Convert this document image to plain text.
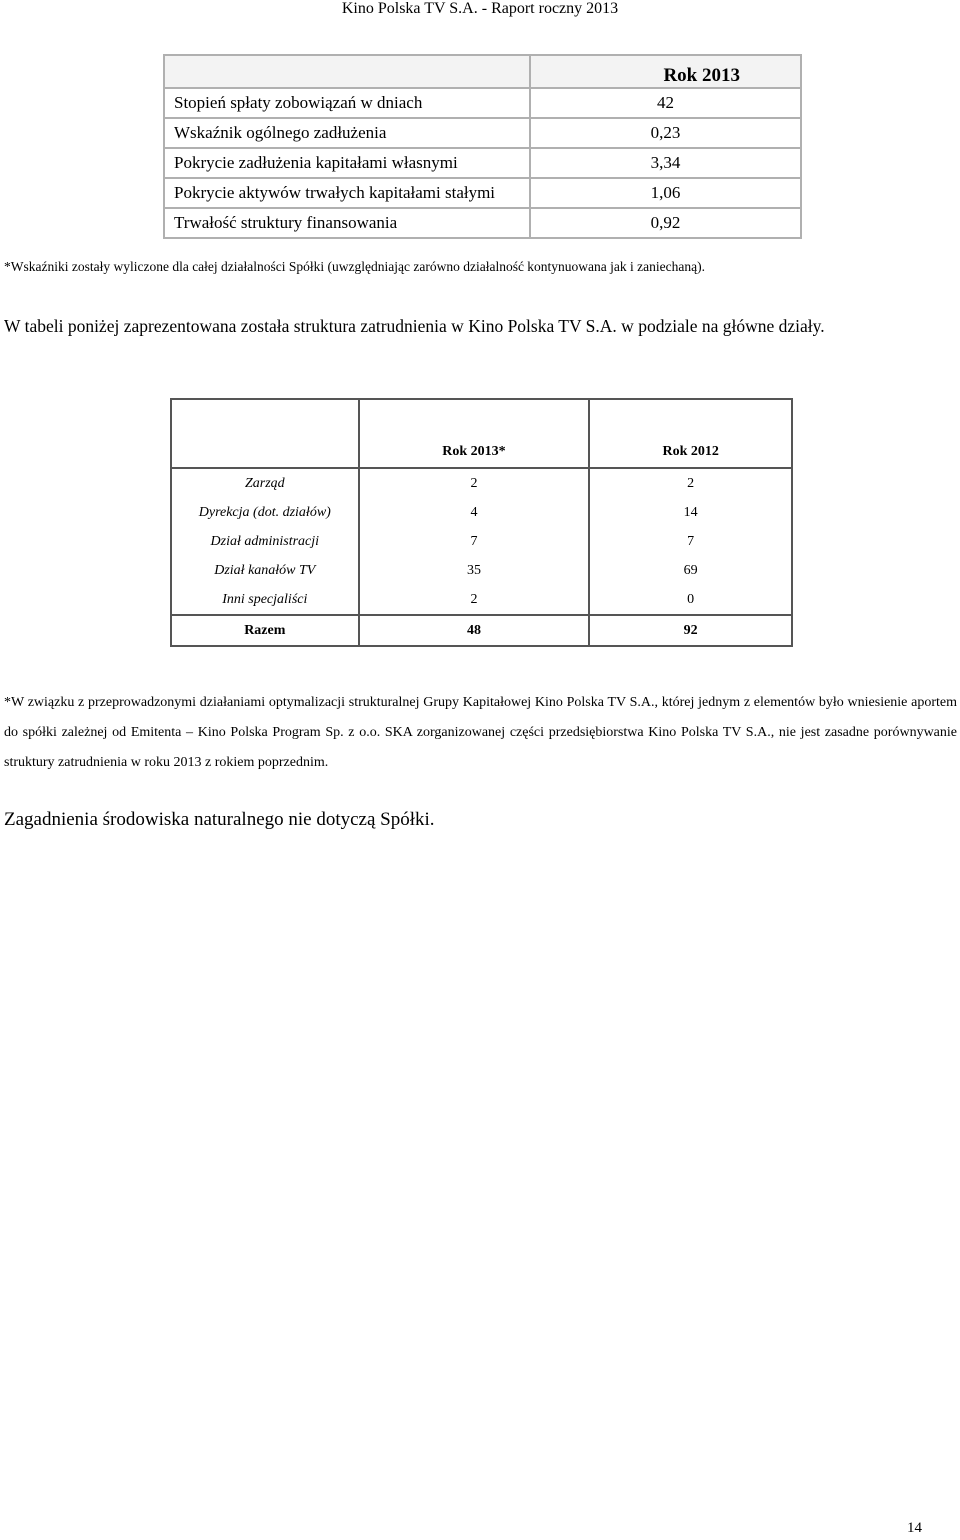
Kino Polska TV S.A. - Raport roczny 2013
	Rok 2013
Stopień spłaty zobowiązań w dniach	42
Wskaźnik ogólnego zadłużenia	0,23
Pokrycie zadłużenia kapitałami własnymi	3,34
Pokrycie aktywów trwałych kapitałami stałymi	1,06
Trwałość struktury finansowania	0,92
*Wskaźniki zostały wyliczone dla całej działalności Spółki (uwzględniając zarówno działalność kontynuowana jak i zaniechaną).
W tabeli poniżej zaprezentowana została struktura zatrudnienia w Kino Polska TV S.A. w podziale na główne działy.
	Rok 2013*	Rok 2012
Zarząd	2	2
Dyrekcja (dot. działów)	4	14
Dział administracji	7	7
Dział kanałów TV	35	69
Inni specjaliści	2	0
Razem	48	92
*W związku z przeprowadzonymi działaniami optymalizacji strukturalnej Grupy Kapitałowej Kino Polska TV S.A., której jednym z elementów było wniesienie aportem do spółki zależnej od Emitenta – Kino Polska Program Sp. z o.o. SKA zorganizowanej części przedsiębiorstwa Kino Polska TV S.A., nie jest zasadne porównywanie struktury zatrudnienia w roku 2013 z rokiem poprzednim.
Zagadnienia środowiska naturalnego nie dotyczą Spółki.
14
